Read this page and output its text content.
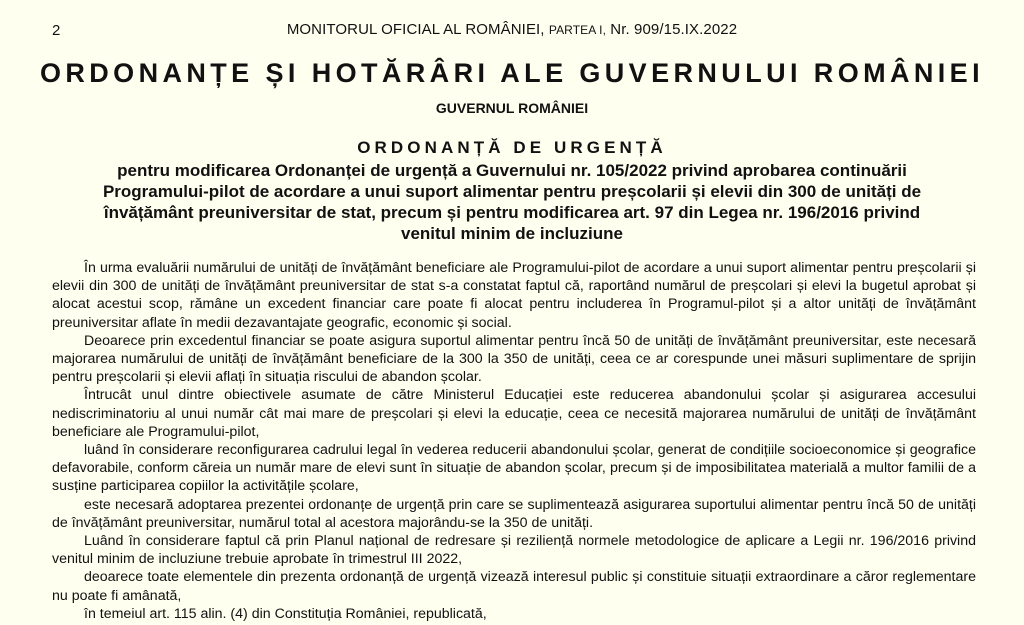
2	MONITORUL OFICIAL AL ROMÂNIEI, PARTEA I, Nr. 909/15.IX.2022
ORDONANȚE ȘI HOTĂRÂRI ALE GUVERNULUI ROMÂNIEI
GUVERNUL ROMÂNIEI
ORDONANȚĂ DE URGENȚĂ
pentru modificarea Ordonanței de urgență a Guvernului nr. 105/2022 privind aprobarea continuării Programului-pilot de acordare a unui suport alimentar pentru preșcolarii și elevii din 300 de unități de învățământ preuniversitar de stat, precum și pentru modificarea art. 97 din Legea nr. 196/2016 privind venitul minim de incluziune

În urma evaluării numărului de unități de învățământ beneficiare ale Programului-pilot de acordare a unui suport alimentar pentru preșcolarii și elevii din 300 de unități de învățământ preuniversitar de stat s-a constatat faptul că, raportând numărul de preșcolari și elevi la bugetul aprobat și alocat acestui scop, rămâne un excedent financiar care poate fi alocat pentru includerea în Programul-pilot și a altor unități de învățământ preuniversitar aflate în medii dezavantajate geografic, economic și social.

Deoarece prin excedentul financiar se poate asigura suportul alimentar pentru încă 50 de unități de învățământ preuniversitar, este necesară majorarea numărului de unități de învățământ beneficiare de la 300 la 350 de unități, ceea ce ar corespunde unei măsuri suplimentare de sprijin pentru preșcolarii și elevii aflați în situația riscului de abandon școlar.

Întrucât unul dintre obiectivele asumate de către Ministerul Educației este reducerea abandonului școlar și asigurarea accesului nediscriminatoriu al unui număr cât mai mare de preșcolari și elevi la educație, ceea ce necesită majorarea numărului de unități de învățământ beneficiare ale Programului-pilot,

luând în considerare reconfigurarea cadrului legal în vederea reducerii abandonului școlar, generat de condițiile socioeconomice și geografice defavorabile, conform căreia un număr mare de elevi sunt în situație de abandon școlar, precum și de imposibilitatea materială a multor familii de a susține participarea copiilor la activitățile școlare,

este necesară adoptarea prezentei ordonanțe de urgență prin care se suplimentează asigurarea suportului alimentar pentru încă 50 de unități de învățământ preuniversitar, numărul total al acestora majorându-se la 350 de unități.

Luând în considerare faptul că prin Planul național de redresare și reziliență normele metodologice de aplicare a Legii nr. 196/2016 privind venitul minim de incluziune trebuie aprobate în trimestrul III 2022,

deoarece toate elementele din prezenta ordonanță de urgență vizează interesul public și constituie situații extraordinare a căror reglementare nu poate fi amânată,

în temeiul art. 115 alin. (4) din Constituția României, republicată,
